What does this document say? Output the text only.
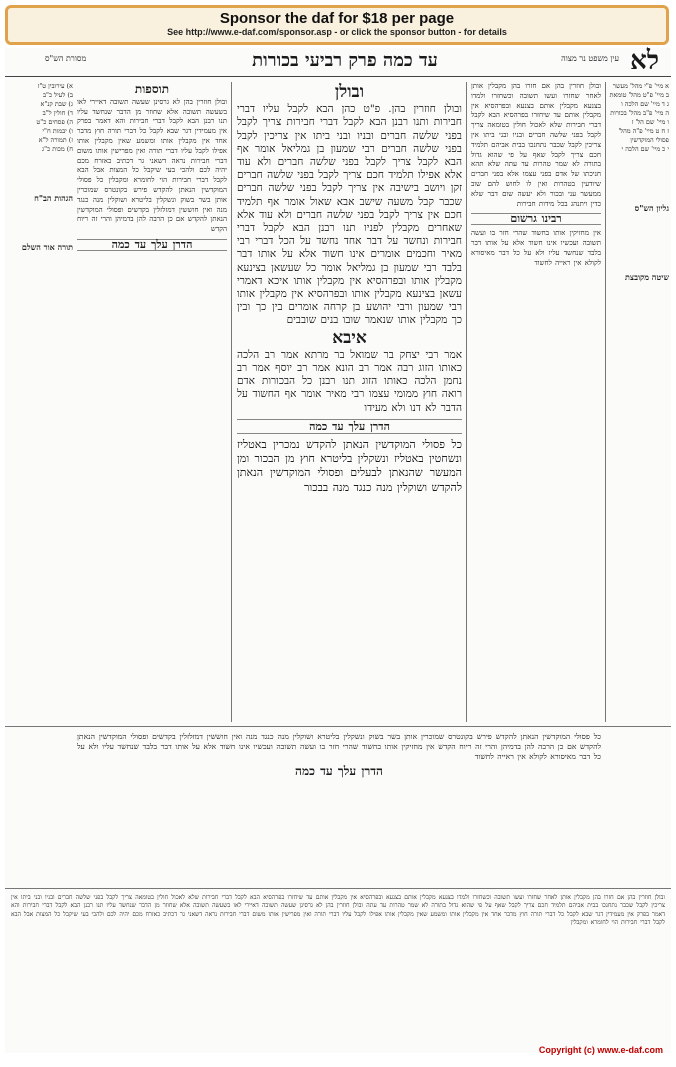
Sponsor the daf for $18 per page
See http://www.e-daf.com/sponsor.asp - or click the sponsor button - for details
מסורת הש"ס	עד כמה פרק רביעי בכורות	עין משפט נר מצוה לא
א) עירובין ט"ז
ב) לעיל כ"ב
ג) שבת קנ"א
ד) חולין ל"ב
ה) פסחים כ"ט
ו) יבמות ח"י
ז) תמורה ל"א
ח) מכות כ"ג
הגהות הב"ח
תורה אור השלם
תוספות
ובולן חוזרין בהן לא גרסינן שעשה תשובה דאיירי לאו בשעשה תשובה אלא שחוזר מן הדבר שנחשד עליו תנו רבנן הבא לקבל דברי חבירות והא דאמר בפרק אין מעמידין דגר שבא לקבל כל דברי תורה חוץ מדבר אחד אין מקבלין אותו ומשמע שאין מקבלין אותו אפילו לקבל עליו דברי תורה ואין מפרישין אותו משום דברי חבירות נראה דשאני גר דכתיב כאזרח מכם יהיה לכם ולהכי בעי שיקבל כל המצות אבל הבא לקבל דברי חבירות הוי לחומרא ומקבלין כל פסולי המוקדשין הנאתן להקדש פירש בקונטרס שמוכרין אותן בשר בשוק ונשקלין בליטרא ושוקלין מנה כנגד מנה ואין חוששין דמזלזלין בקדשים ופסולי המוקדשין הנאתן להקדש אם כן הרבה להן בדמיהן והרי זה ריוח הקדש
הדרן עלך עד כמה
ובולן
ובולן חוזרין בהן. פ"ט כהן הבא לקבל עליו דברי חבירות ותנו רבנן הבא לקבל דברי חבירות צריך לקבל בפני שלשה חברים ובניו ובני ביתו אין צריכין לקבל בפני שלשה חברים רבי שמעון בן גמליאל אומר אף הבא לקבל צריך לקבל בפני שלשה חברים ולא עוד אלא אפילו תלמיד חכם צריך לקבל בפני שלשה חברים זקן ויושב בישיבה אין צריך לקבל בפני שלשה חברים שכבר קבל משעה שישב אבא שאול אומר אף תלמיד חכם אין צריך לקבל בפני שלשה חברים ולא עוד אלא שאחרים מקבלין לפניו תנו רבנן הבא לקבל דברי חבירות ונחשד על דבר אחד נחשד על הכל דברי רבי מאיר וחכמים אומרים אינו חשוד אלא על אותו דבר בלבד רבי שמעון בן גמליאל אומר כל שעשאן בצינעא מקבלין אותו ובפרהסיא אין מקבלין אותו איכא דאמרי עשאן בצינעא מקבלין אותו ובפרהסיא אין מקבלין אותו רבי שמעון ורבי יהושע בן קרחה אומרים בין כך ובין כך מקבלין אותו שנאמר שובו בנים שובבים
איבא
אמר רבי יצחק בר שמואל בר מרתא אמר רב הלכה כאותו הזוג רבה אמר רב הונא אמר רב יוסף אמר רב נחמן הלכה כאותו הזוג תנו רבנן כל הבכורות אדם רואה חוץ ממומי עצמו רבי מאיר אומר אף החשוד על הדבר לא דנו ולא מעידו
הדרן עלך עד כמה
כל פסולי המוקדשין הנאתן להקדש נמכרין באטליז ונשחטין באטליז ונשקלין בליטרא חוץ מן הבכור ומן המעשר שהנאתן לבעלים ופסולי המוקדשין הנאתן להקדש ושוקלין מנה כנגד מנה בבכור
ובולן חוזרין בהן אם חזרו בהן מקבלין אותן לאחר שחזרו ועשו תשובה וכשחזרו ולמדו בצנעא מקבלין אותם בצנעא ובפרהסיא אין מקבלין אותם עד שיחזרו בפרהסיא הבא לקבל דברי חבירות שלא לאכול חולין בטומאה צריך לקבל בפני שלשה חברים ובניו ובני ביתו אין צריכין לקבל שכבר נתחנכו בבית אביהם תלמיד חכם צריך לקבל שאף על פי שהוא גדול בתורה לא שמר טהרות עד עתה שלא תהא חניכתו של אדם בפני עצמו אלא בפני חברים שיודעין בטהרות ואין לו לחוש להם שוב ממעשר עני ובכור ולא יעשה שום דבר שלא כדין ויתנהג בכל מידות חבירות
רבינו גרשום
אין מחזיקין אותו בחשוד שהרי חזר בו ועשה תשובה ועכשיו אינו חשוד אלא על אותו דבר בלבד שנחשד עליו ולא על כל דבר מאיסורא לקולא אין ראייה לחשוד
א מיי' פ"י מהל' מעשר
ב מיי' פ"ט מהל' טומאת
ג ד מיי' שם הלכה ו
ה מיי' פ"ב מהל' בכורות
ו מיי' שם הל' ז
ז ח ט מיי' פ"ה מהל' פסולי המוקדשין
י כ מיי' שם הלכה י
גליון הש"ס
שיטה מקובצת
כל פסולי המוקדשין הנאתן להקדש פירש בקונטרס שמוכרין אותן בשר בשוק ונשקלין בליטרא ושוקלין מנה כנגד מנה ואין חוששין דמזלזלין בקדשים ופסולי המוקדשין הנאתן להקדש אם כן הרבה להן בדמיהן והרי זה ריוח הקדש אין מחזיקין אותו בחשוד שהרי חזר בו ועשה תשובה ועכשיו אינו חשוד אלא על אותו דבר בלבד שנחשד עליו ולא על כל דבר מאיסורא לקולא אין ראייה לחשוד
הדרן עלך עד כמה
ובולן חוזרין בהן אם חזרו בהן מקבלין אותן לאחר שחזרו ועשו תשובה וכשחזרו ולמדו בצנעא מקבלין אותם בצנעא ובפרהסיא אין מקבלין אותם עד שיחזרו בפרהסיא הבא לקבל דברי חבירות שלא לאכול חולין בטומאה צריך לקבל בפני שלשה חברים ובניו ובני ביתו אין צריכין לקבל שכבר נתחנכו בבית אביהם תלמיד חכם צריך לקבל שאף על פי שהוא גדול בתורה לא שמר טהרות עד עתה ובולן חוזרין בהן לא גרסינן שעשה תשובה דאיירי לאו בשעשה תשובה אלא שחוזר מן הדבר שנחשד עליו תנו רבנן הבא לקבל דברי חבירות והא דאמר בפרק אין מעמידין דגר שבא לקבל כל דברי תורה חוץ מדבר אחד אין מקבלין אותו ומשמע שאין מקבלין אותו אפילו לקבל עליו דברי תורה ואין מפרישין אותו משום דברי חבירות נראה דשאני גר דכתיב כאזרח מכם יהיה לכם ולהכי בעי שיקבל כל המצות אבל הבא לקבל דברי חבירות הוי לחומרא ומקבלין
Copyright (c) www.e-daf.com
